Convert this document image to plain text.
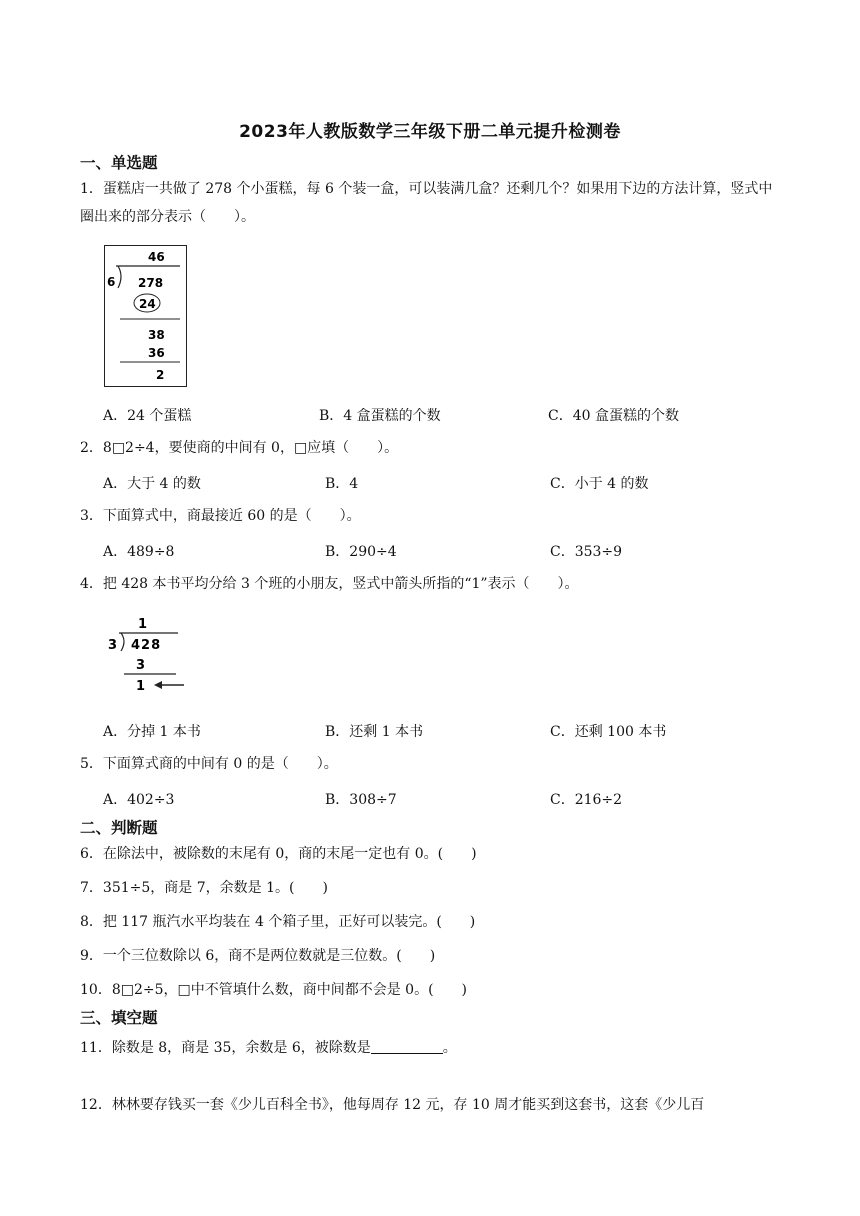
2023年人教版数学三年级下册二单元提升检测卷
一、单选题
1．蛋糕店一共做了 278 个小蛋糕，每 6 个装一盒，可以装满几盒？还剩几个？如果用下边的方法计算，竖式中圈出来的部分表示（　　）。
46
6 278
24
38
36
2
A．24 个蛋糕	B．4 盒蛋糕的个数	C．40 盒蛋糕的个数
2．8□2÷4，要使商的中间有 0，□应填（　　）。
A．大于 4 的数	B．4	C．小于 4 的数
3．下面算式中，商最接近 60 的是（　　）。
A．489÷8	B．290÷4	C．353÷9
4．把 428 本书平均分给 3 个班的小朋友，竖式中箭头所指的“1”表示（　　）。
1
3 428
3
1
A．分掉 1 本书	B．还剩 1 本书	C．还剩 100 本书
5．下面算式商的中间有 0 的是（　　）。
A．402÷3	B．308÷7	C．216÷2
二、判断题
6．在除法中，被除数的末尾有 0，商的末尾一定也有 0。(　　)
7．351÷5，商是 7，余数是 1。(　　)
8．把 117 瓶汽水平均装在 4 个箱子里，正好可以装完。(　　)
9．一个三位数除以 6，商不是两位数就是三位数。(　　)
10．8□2÷5，□中不管填什么数，商中间都不会是 0。(　　)
三、填空题
11．除数是 8，商是 35，余数是 6，被除数是	。
12．林林要存钱买一套《少儿百科全书》，他每周存 12 元，存 10 周才能买到这套书，这套《少儿百
